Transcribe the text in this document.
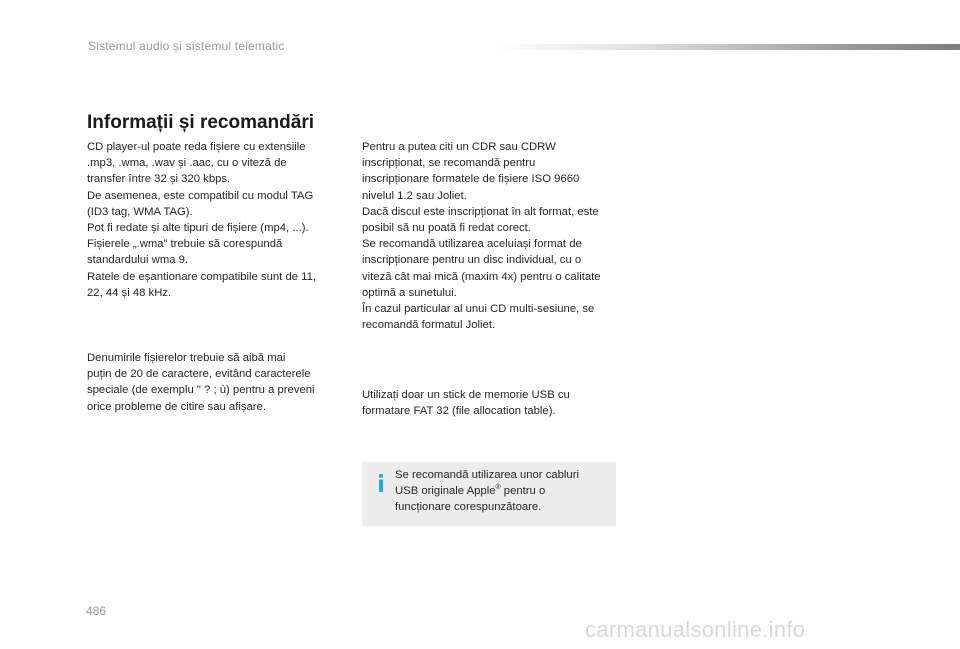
Sistemul audio și sistemul telematic
Informații și recomandări

CD player-ul poate reda fișiere cu extensiile
.mp3, .wma, .wav și .aac, cu o viteză de
transfer între 32 și 320 kbps.
De asemenea, este compatibil cu modul TAG
(ID3 tag, WMA TAG).
Pot fi redate și alte tipuri de fișiere (mp4, ...).
Fișierele „.wma” trebuie să corespundă
standardului wma 9.
Ratele de eșantionare compatibile sunt de 11,
22, 44 și 48 kHz.

Denumirile fișierelor trebuie să aibă mai
puțin de 20 de caractere, evitând caracterele
speciale (de exemplu " ? ; ù) pentru a preveni
orice probleme de citire sau afișare.

Pentru a putea citi un CDR sau CDRW
inscripționat, se recomandă pentru
inscripționare formatele de fișiere ISO 9660
nivelul 1.2 sau Joliet.
Dacă discul este inscripționat în alt format, este
posibil să nu poată fi redat corect.
Se recomandă utilizarea aceluiași format de
inscripționare pentru un disc individual, cu o
viteză cât mai mică (maxim 4x) pentru o calitate
optimă a sunetului.
În cazul particular al unui CD multi-sesiune, se
recomandă formatul Joliet.

Utilizați doar un stick de memorie USB cu
formatare FAT 32 (file allocation table).

Se recomandă utilizarea unor cabluri
USB originale Apple® pentru o
funcționare corespunzătoare.
486
carmanualsonline.info
